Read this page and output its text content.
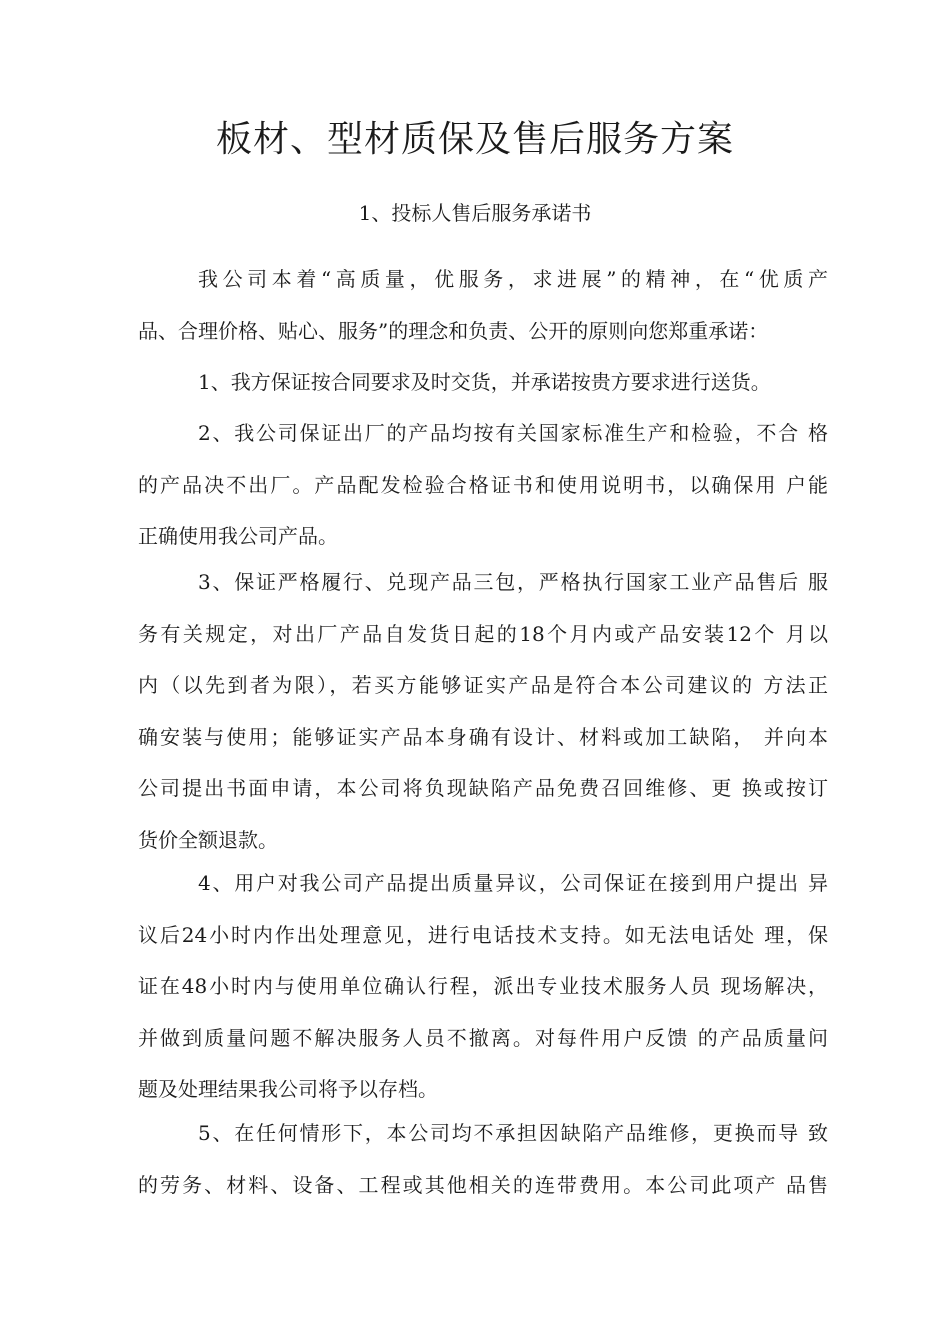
板材、型材质保及售后服务方案
1、投标人售后服务承诺书
我公司本着“高质量，优服务，求进展”的精神，在“优质产
品、合理价格、贴心、服务”的理念和负责、公开的原则向您郑重承诺：
1、我方保证按合同要求及时交货，并承诺按贵方要求进行送货。
2、我公司保证出厂的产品均按有关国家标准生产和检验，不合 格
的产品决不出厂。产品配发检验合格证书和使用说明书，以确保用 户能
正确使用我公司产品。
3、保证严格履行、兑现产品三包，严格执行国家工业产品售后 服
务有关规定，对出厂产品自发货日起的18个月内或产品安装12个 月以
内（以先到者为限），若买方能够证实产品是符合本公司建议的 方法正
确安装与使用；能够证实产品本身确有设计、材料或加工缺陷， 并向本
公司提出书面申请，本公司将负现缺陷产品免费召回维修、更 换或按订
货价全额退款。
4、用户对我公司产品提出质量异议，公司保证在接到用户提出 异
议后24小时内作出处理意见，进行电话技术支持。如无法电话处 理，保
证在48小时内与使用单位确认行程，派出专业技术服务人员 现场解决，
并做到质量问题不解决服务人员不撤离。对每件用户反馈 的产品质量问
题及处理结果我公司将予以存档。
5、在任何情形下，本公司均不承担因缺陷产品维修，更换而导 致
的劳务、材料、设备、工程或其他相关的连带费用。本公司此项产 品售
